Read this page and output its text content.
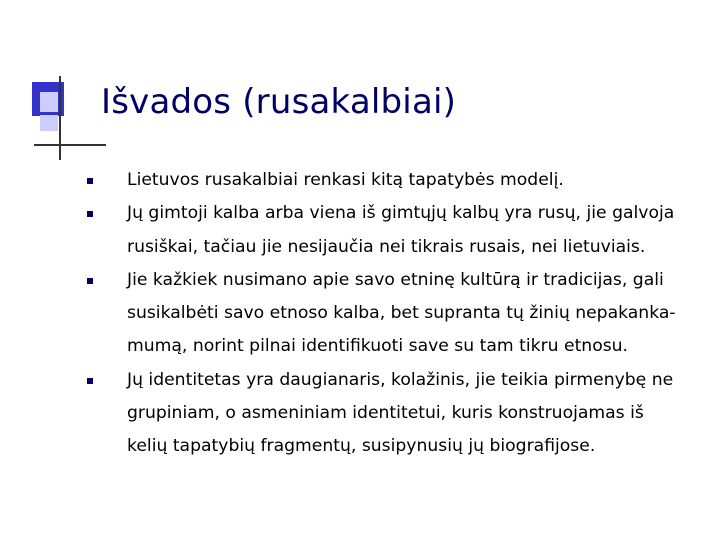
Išvados (rusakalbiai)
Lietuvos rusakalbiai renkasi kitą tapatybės modelį.
Jų gimtoji kalba arba viena iš gimtųjų kalbų yra rusų, jie galvoja
rusiškai, tačiau jie nesijaučia nei tikrais rusais, nei lietuviais.
Jie kažkiek nusimano apie savo etninę kultūrą ir tradicijas, gali
susikalbėti savo etnoso kalba, bet supranta tų žinių nepakanka-
mumą, norint pilnai identifikuoti save su tam tikru etnosu.
Jų identitetas yra daugianaris, kolažinis, jie teikia pirmenybę ne
grupiniam, o asmeniniam identitetui, kuris konstruojamas iš
kelių tapatybių fragmentų, susipynusių jų biografijose.
